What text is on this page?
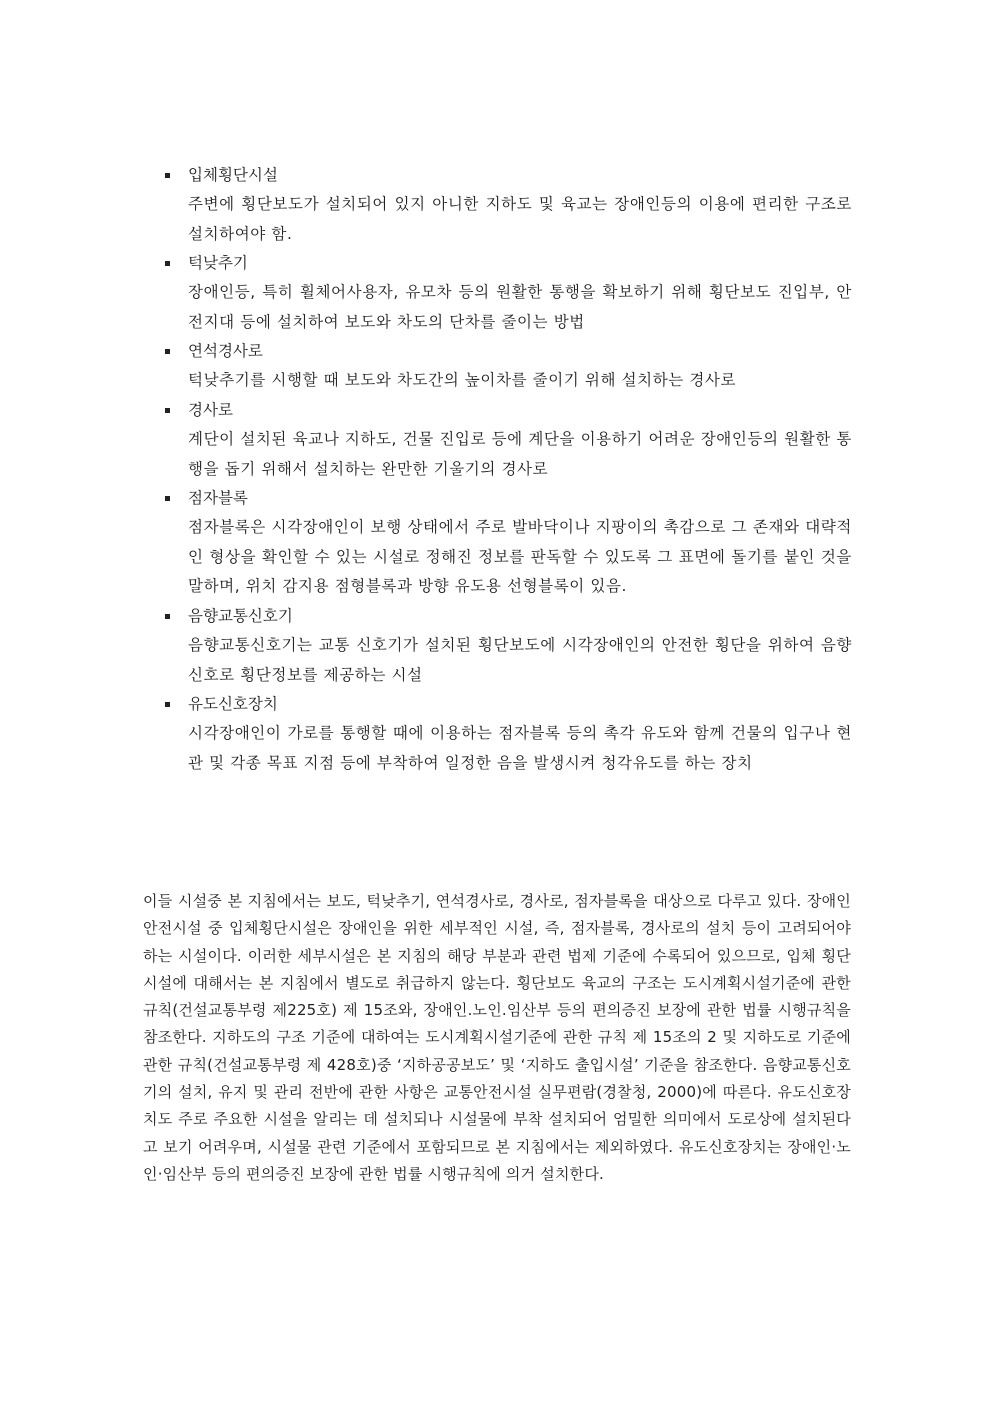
입체횡단시설

주변에 횡단보도가 설치되어 있지 아니한 지하도 및 육교는 장애인등의 이용에 편리한 구조로 설치하여야 함.

턱낮추기

장애인등, 특히 휠체어사용자, 유모차 등의 원활한 통행을 확보하기 위해 횡단보도 진입부, 안전지대 등에 설치하여 보도와 차도의 단차를 줄이는 방법

연석경사로

턱낮추기를 시행할 때 보도와 차도간의 높이차를 줄이기 위해 설치하는 경사로

경사로

계단이 설치된 육교나 지하도, 건물 진입로 등에 계단을 이용하기 어려운 장애인등의 원활한 통행을 돕기 위해서 설치하는 완만한 기울기의 경사로

점자블록

점자블록은 시각장애인이 보행 상태에서 주로 발바닥이나 지팡이의 촉감으로 그 존재와 대략적인 형상을 확인할 수 있는 시설로 정해진 정보를 판독할 수 있도록 그 표면에 돌기를 붙인 것을 말하며, 위치 감지용 점형블록과 방향 유도용 선형블록이 있음.

음향교통신호기

음향교통신호기는 교통 신호기가 설치된 횡단보도에 시각장애인의 안전한 횡단을 위하여 음향신호로 횡단정보를 제공하는 시설

유도신호장치

시각장애인이 가로를 통행할 때에 이용하는 점자블록 등의 촉각 유도와 함께 건물의 입구나 현관 및 각종 목표 지점 등에 부착하여 일정한 음을 발생시켜 청각유도를 하는 장치

이들 시설중 본 지침에서는 보도, 턱낮추기, 연석경사로, 경사로, 점자블록을 대상으로 다루고 있다. 장애인 안전시설 중 입체횡단시설은 장애인을 위한 세부적인 시설, 즉, 점자블록, 경사로의 설치 등이 고려되어야 하는 시설이다. 이러한 세부시설은 본 지침의 해당 부분과 관련 법제 기준에 수록되어 있으므로, 입체 횡단시설에 대해서는 본 지침에서 별도로 취급하지 않는다. 횡단보도 육교의 구조는 도시계획시설기준에 관한 규칙(건설교통부령 제225호) 제 15조와, 장애인.노인.임산부 등의 편의증진 보장에 관한 법률 시행규칙을 참조한다. 지하도의 구조 기준에 대하여는 도시계획시설기준에 관한 규칙 제 15조의 2 및 지하도로 기준에 관한 규칙(건설교통부령 제 428호)중 ‘지하공공보도’ 및 ‘지하도 출입시설’ 기준을 참조한다. 음향교통신호기의 설치, 유지 및 관리 전반에 관한 사항은 교통안전시설 실무편람(경찰청, 2000)에 따른다. 유도신호장치도 주로 주요한 시설을 알리는 데 설치되나 시설물에 부착 설치되어 엄밀한 의미에서 도로상에 설치된다고 보기 어려우며, 시설물 관련 기준에서 포함되므로 본 지침에서는 제외하였다. 유도신호장치는 장애인·노인·임산부 등의 편의증진 보장에 관한 법률 시행규칙에 의거 설치한다.
